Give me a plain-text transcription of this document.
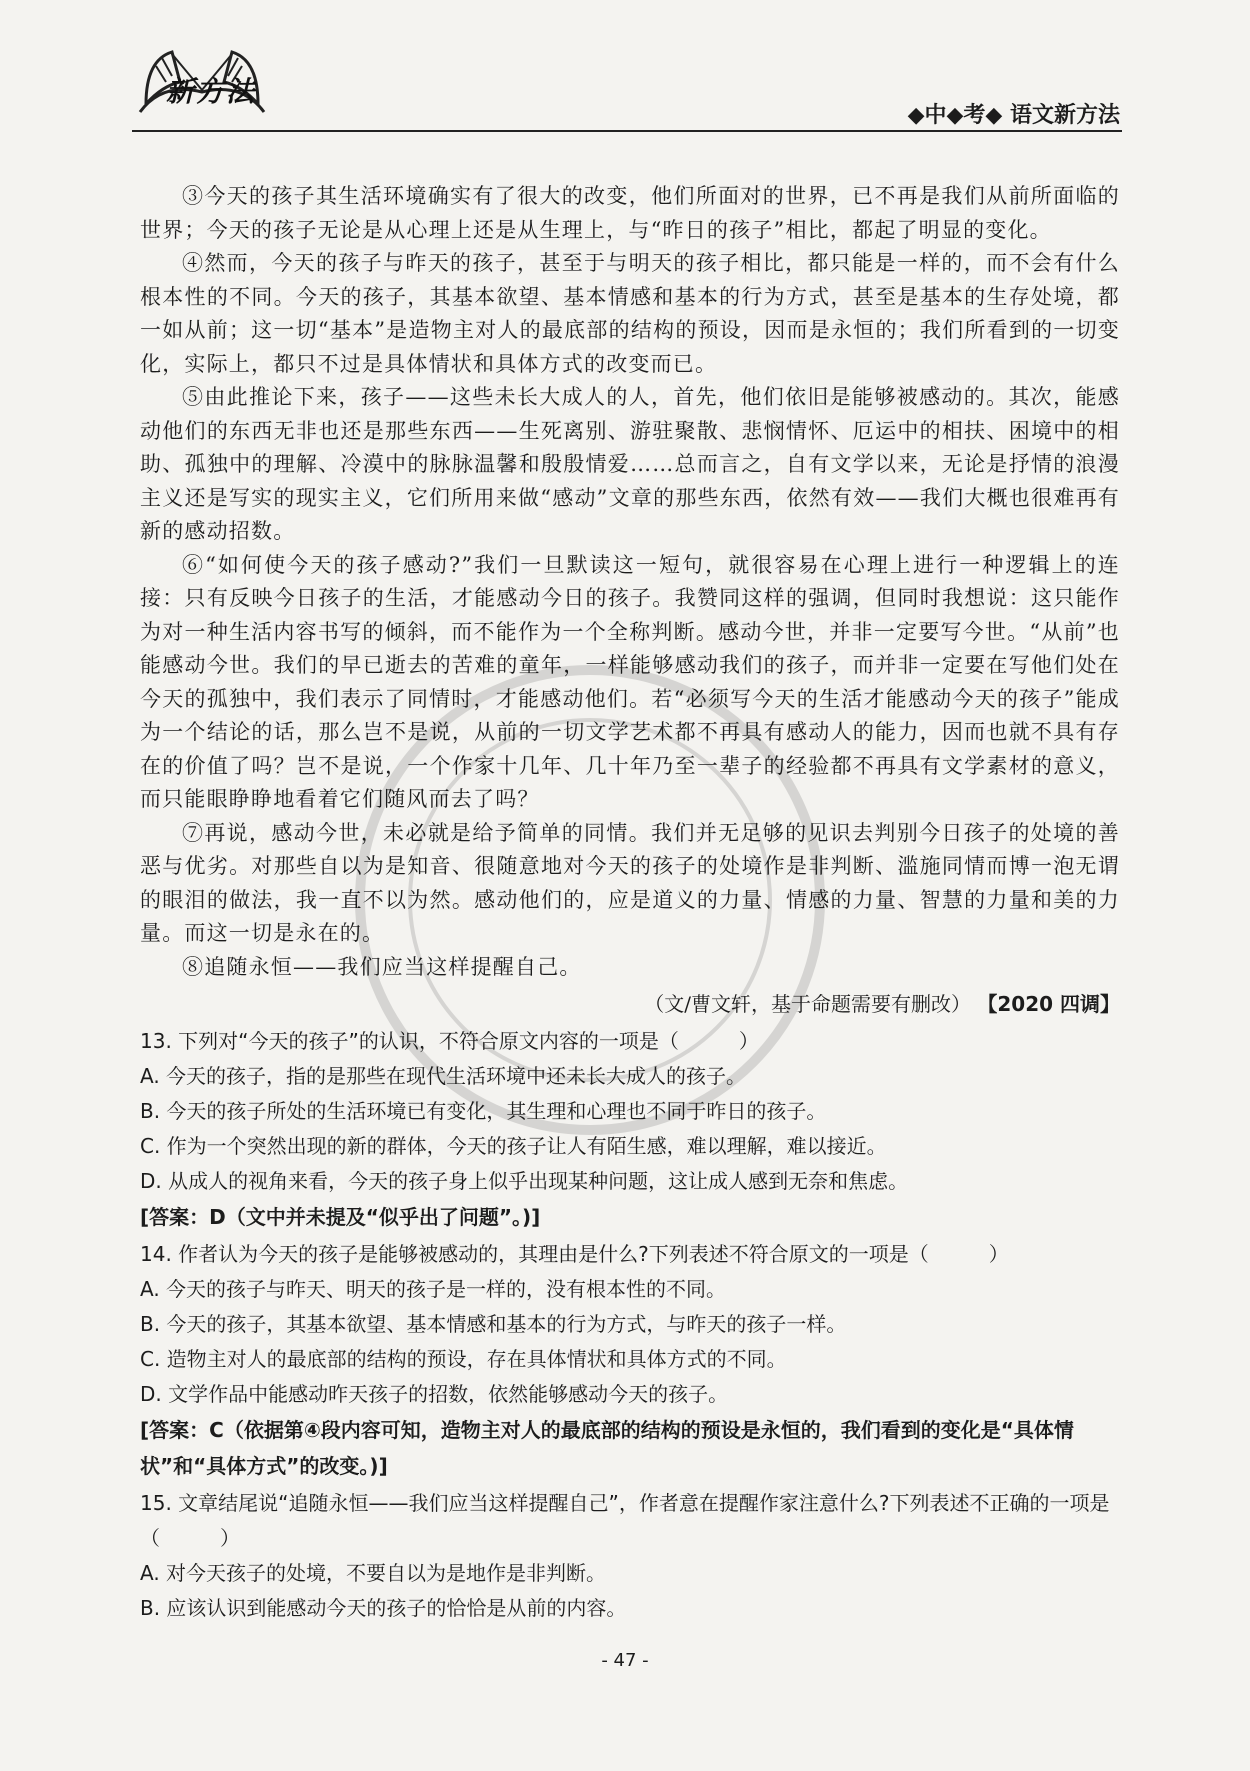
新方法
◆中◆考◆ 语文新方法

③今天的孩子其生活环境确实有了很大的改变，他们所面对的世界，已不再是我们从前所面临的世界；今天的孩子无论是从心理上还是从生理上，与“昨日的孩子”相比，都起了明显的变化。

④然而，今天的孩子与昨天的孩子，甚至于与明天的孩子相比，都只能是一样的，而不会有什么根本性的不同。今天的孩子，其基本欲望、基本情感和基本的行为方式，甚至是基本的生存处境，都一如从前；这一切“基本”是造物主对人的最底部的结构的预设，因而是永恒的；我们所看到的一切变化，实际上，都只不过是具体情状和具体方式的改变而已。

⑤由此推论下来，孩子——这些未长大成人的人，首先，他们依旧是能够被感动的。其次，能感动他们的东西无非也还是那些东西——生死离别、游驻聚散、悲悯情怀、厄运中的相扶、困境中的相助、孤独中的理解、冷漠中的脉脉温馨和殷殷情爱……总而言之，自有文学以来，无论是抒情的浪漫主义还是写实的现实主义，它们所用来做“感动”文章的那些东西，依然有效——我们大概也很难再有新的感动招数。

⑥“如何使今天的孩子感动?”我们一旦默读这一短句，就很容易在心理上进行一种逻辑上的连接：只有反映今日孩子的生活，才能感动今日的孩子。我赞同这样的强调，但同时我想说：这只能作为对一种生活内容书写的倾斜，而不能作为一个全称判断。感动今世，并非一定要写今世。“从前”也能感动今世。我们的早已逝去的苦难的童年，一样能够感动我们的孩子，而并非一定要在写他们处在今天的孤独中，我们表示了同情时，才能感动他们。若“必须写今天的生活才能感动今天的孩子”能成为一个结论的话，那么岂不是说，从前的一切文学艺术都不再具有感动人的能力，因而也就不具有存在的价值了吗？岂不是说，一个作家十几年、几十年乃至一辈子的经验都不再具有文学素材的意义，而只能眼睁睁地看着它们随风而去了吗？

⑦再说，感动今世，未必就是给予简单的同情。我们并无足够的见识去判别今日孩子的处境的善恶与优劣。对那些自以为是知音、很随意地对今天的孩子的处境作是非判断、滥施同情而博一泡无谓的眼泪的做法，我一直不以为然。感动他们的，应是道义的力量、情感的力量、智慧的力量和美的力量。而这一切是永在的。

⑧追随永恒——我们应当这样提醒自己。

（文/曹文轩，基于命题需要有删改） 【2020 四调】

13. 下列对“今天的孩子”的认识，不符合原文内容的一项是（　　　）

A. 今天的孩子，指的是那些在现代生活环境中还未长大成人的孩子。

B. 今天的孩子所处的生活环境已有变化，其生理和心理也不同于昨日的孩子。

C. 作为一个突然出现的新的群体，今天的孩子让人有陌生感，难以理解，难以接近。

D. 从成人的视角来看，今天的孩子身上似乎出现某种问题，这让成人感到无奈和焦虑。

[答案：D（文中并未提及“似乎出了问题”。)]

14. 作者认为今天的孩子是能够被感动的，其理由是什么?下列表述不符合原文的一项是（　　　）

A. 今天的孩子与昨天、明天的孩子是一样的，没有根本性的不同。

B. 今天的孩子，其基本欲望、基本情感和基本的行为方式，与昨天的孩子一样。

C. 造物主对人的最底部的结构的预设，存在具体情状和具体方式的不同。

D. 文学作品中能感动昨天孩子的招数，依然能够感动今天的孩子。

[答案：C（依据第④段内容可知，造物主对人的最底部的结构的预设是永恒的，我们看到的变化是“具体情状”和“具体方式”的改变。)]

15. 文章结尾说“追随永恒——我们应当这样提醒自己”，作者意在提醒作家注意什么?下列表述不正确的一项是（　　　）

A. 对今天孩子的处境，不要自以为是地作是非判断。

B. 应该认识到能感动今天的孩子的恰恰是从前的内容。

- 47 -
